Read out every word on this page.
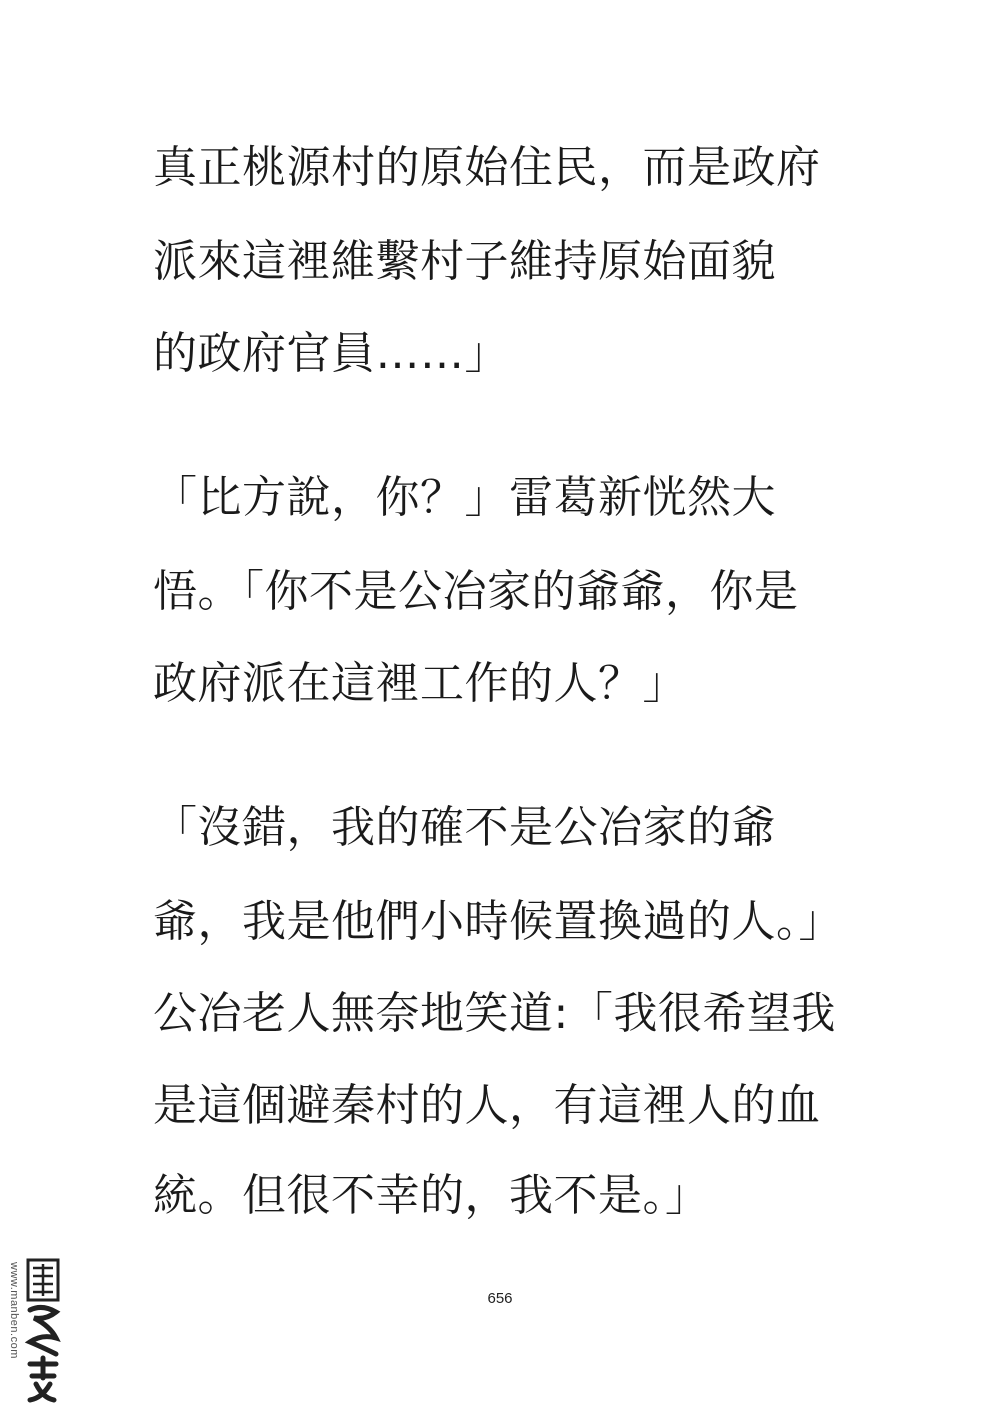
真正桃源村的原始住民，而是政府
派來這裡維繫村子維持原始面貌
的政府官員……」
「比方說，你？」雷葛新恍然大
悟。「你不是公冶家的爺爺，你是
政府派在這裡工作的人？」
「沒錯，我的確不是公冶家的爺
爺，我是他們小時候置換過的人。」
公冶老人無奈地笑道:「我很希望我
是這個避秦村的人，有這裡人的血
統。但很不幸的，我不是。」
656
www.manben.com
